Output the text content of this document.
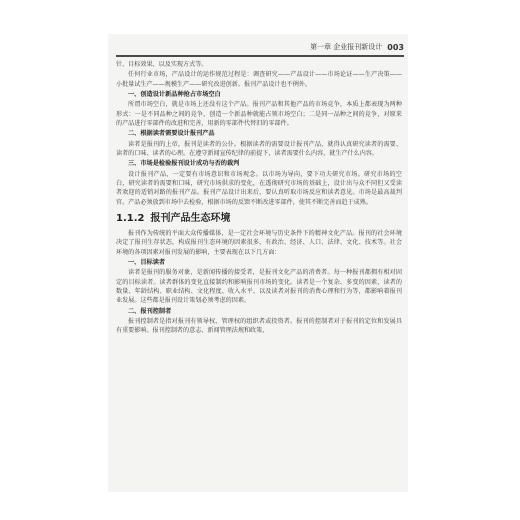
第一章 企业报刊新设计 003

针、目标效果、以及实现方式等。

任何行业市场，产品设计的运作规范过程是：调查研究——产品设计——市场论证——生产决策——小批量试生产——规模生产——研究改进创新。报刊产品设计也不例外。

一、创造设计新品种抢占市场空白

所谓市场空白，就是市场上还没有这个产品。报刊产品和其他产品的市场竞争，本质上都表现为两种形式：一是不同品种之间的竞争，创造一个新品种就能占领市场空白；二是同一品种之间的竞争，对原来的产品进行零部件的改进和完善，用新的零部件代替旧的零部件。

二、根据读者需要设计报刊产品

读者是报刊的上帝，报刊是读者的公仆。根据读者的需要设计报刊产品，就得认真研究读者的需要、读者的口味、读者的心理。在遵守新闻宣传纪律的前提下，读者需要什么内容，就生产什么内容。

三、市场是检验报刊设计成功与否的裁判

设计报刊产品，一定要有市场意识和市场观念。以市场为导向，要下功夫研究市场。研究市场的空白，研究读者的需要和口味，研究市场供求的变化，在透彻研究市场的基础上，设计出与众不同但又受读者欢迎的适销对路的报刊产品。报刊产品设计出来后，要认真听取市场反应和读者意见。市场是最高裁判官。产品必须放到市场中去检验，根据市场的反馈不断改进零部件，使其不断完善而趋于成熟。

1.1.2 报刊产品生态环境

报刊作为传统的平面大众传播媒体，是一定社会环境与历史条件下的精神文化产品。报刊的社会环境决定了报刊生存状态，构成报刊生态环境的因素很多，有政治、经济、人口、法律、文化、技术等。社会环境的各项因素对报刊发展的影响，主要表现在以下几方面：

一、目标读者

读者是报刊的服务对象，是新闻传播的接受者，是报刊文化产品的消费者。每一种报刊都拥有相对固定的目标读者。读者群体的变化直接制约和影响报刊市场的变化。读者是一个复杂、多变的因素，读者的数量、年龄结构、职业结构、文化程度、收入水平、以及读者对报刊的消费心理和行为等，都影响着报刊业发展。这些都是报刊设计策划必须考虑的因素。

二、报刊控制者

报刊控制者是指对报刊有领导权、管理权的组织者或投资者。报刊的控制者对于报刊的定位和发展具有重要影响。报刊控制者的意志、新闻管理法规和政策，
